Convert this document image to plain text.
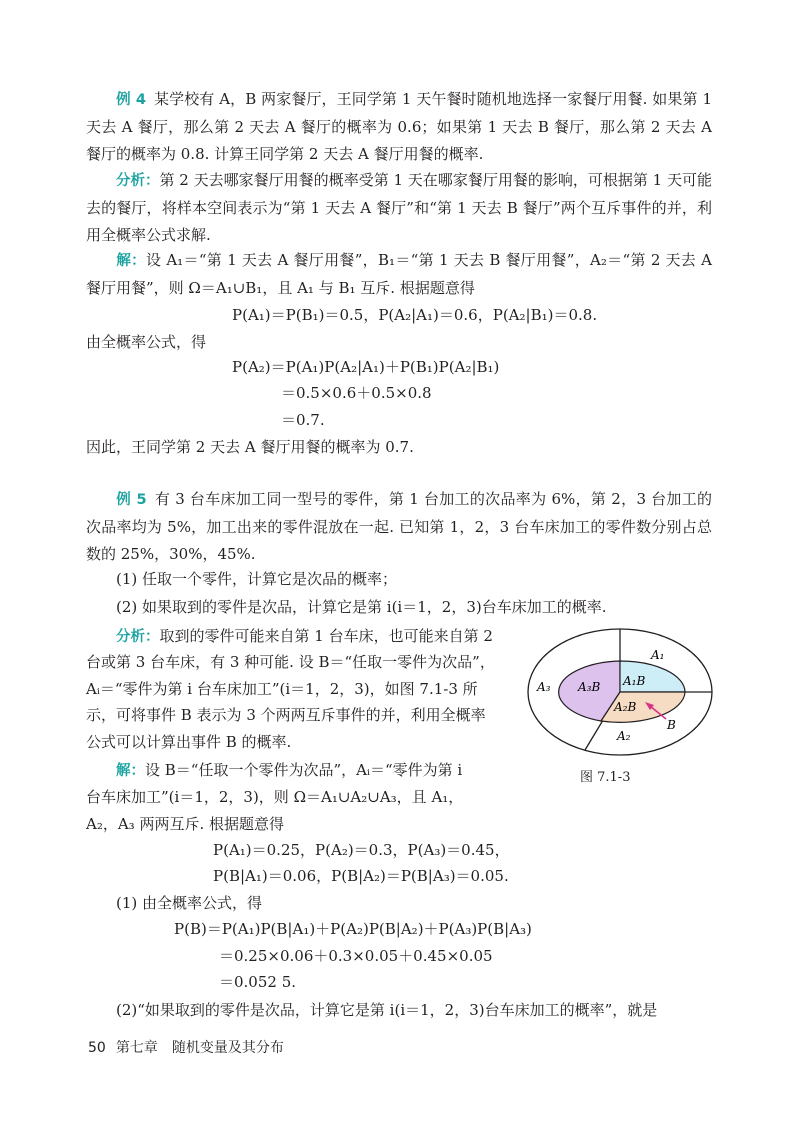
例 4 某学校有 A，B 两家餐厅，王同学第 1 天午餐时随机地选择一家餐厅用餐. 如果第 1 天去 A 餐厅，那么第 2 天去 A 餐厅的概率为 0.6；如果第 1 天去 B 餐厅，那么第 2 天去 A 餐厅的概率为 0.8. 计算王同学第 2 天去 A 餐厅用餐的概率.

分析：第 2 天去哪家餐厅用餐的概率受第 1 天在哪家餐厅用餐的影响，可根据第 1 天可能去的餐厅，将样本空间表示为“第 1 天去 A 餐厅”和“第 1 天去 B 餐厅”两个互斥事件的并，利用全概率公式求解.

解：设 A₁＝“第 1 天去 A 餐厅用餐”，B₁＝“第 1 天去 B 餐厅用餐”，A₂＝“第 2 天去 A 餐厅用餐”，则 Ω＝A₁∪B₁，且 A₁ 与 B₁ 互斥. 根据题意得

P(A₁)＝P(B₁)＝0.5，P(A₂|A₁)＝0.6，P(A₂|B₁)＝0.8.

由全概率公式，得

P(A₂)＝P(A₁)P(A₂|A₁)＋P(B₁)P(A₂|B₁)

＝0.5×0.6＋0.5×0.8

＝0.7.

因此，王同学第 2 天去 A 餐厅用餐的概率为 0.7.

例 5 有 3 台车床加工同一型号的零件，第 1 台加工的次品率为 6%，第 2，3 台加工的次品率均为 5%，加工出来的零件混放在一起. 已知第 1，2，3 台车床加工的零件数分别占总数的 25%，30%，45%.

(1) 任取一个零件，计算它是次品的概率；

(2) 如果取到的零件是次品，计算它是第 i(i＝1，2，3)台车床加工的概率.

分析：取到的零件可能来自第 1 台车床，也可能来自第 2

台或第 3 台车床，有 3 种可能. 设 B＝“任取一零件为次品”，

Aᵢ＝“零件为第 i 台车床加工”(i＝1，2，3)，如图 7.1-3 所

示，可将事件 B 表示为 3 个两两互斥事件的并，利用全概率

公式可以计算出事件 B 的概率.

解：设 B＝“任取一个零件为次品”，Aᵢ＝“零件为第 i

台车床加工”(i＝1，2，3)，则 Ω＝A₁∪A₂∪A₃，且 A₁，

A₂，A₃ 两两互斥. 根据题意得

P(A₁)＝0.25，P(A₂)＝0.3，P(A₃)＝0.45，

P(B|A₁)＝0.06，P(B|A₂)＝P(B|A₃)＝0.05.

(1) 由全概率公式，得

P(B)＝P(A₁)P(B|A₁)＋P(A₂)P(B|A₂)＋P(A₃)P(B|A₃)

＝0.25×0.06＋0.3×0.05＋0.45×0.05

＝0.052 5.

(2)“如果取到的零件是次品，计算它是第 i(i＝1，2，3)台车床加工的概率”，就是

A₁
A₃
A₂
A₃B A₁B
A₂B
B
图 7.1-3
50 第七章　随机变量及其分布
